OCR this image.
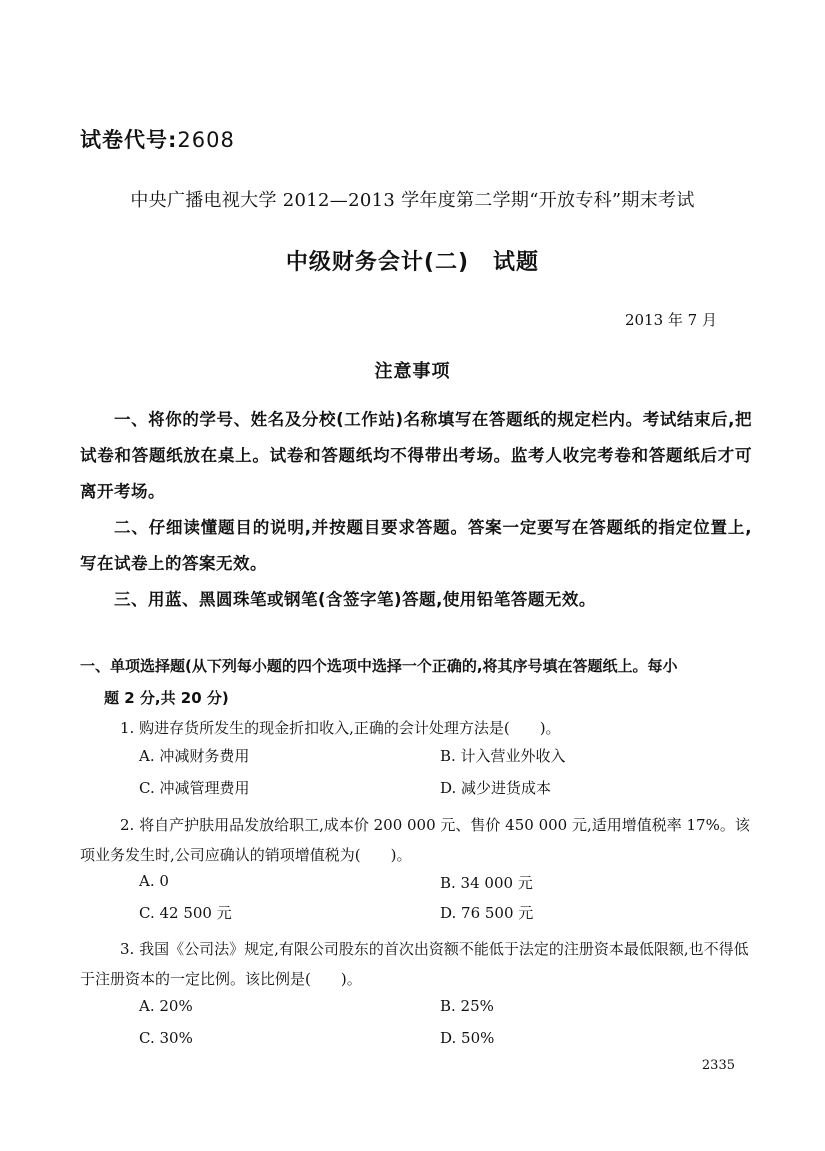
试卷代号:2608
中央广播电视大学 2012—2013 学年度第二学期“开放专科”期末考试
中级财务会计(二) 试题
2013 年 7 月
注意事项
一、将你的学号、姓名及分校(工作站)名称填写在答题纸的规定栏内。考试结束后,把试卷和答题纸放在桌上。试卷和答题纸均不得带出考场。监考人收完考卷和答题纸后才可离开考场。
二、仔细读懂题目的说明,并按题目要求答题。答案一定要写在答题纸的指定位置上,写在试卷上的答案无效。
三、用蓝、黑圆珠笔或钢笔(含签字笔)答题,使用铅笔答题无效。
一、单项选择题(从下列每小题的四个选项中选择一个正确的,将其序号填在答题纸上。每小
题 2 分,共 20 分)
1. 购进存货所发生的现金折扣收入,正确的会计处理方法是(　　)。
A. 冲减财务费用	B. 计入营业外收入
C. 冲减管理费用	D. 减少进货成本
2. 将自产护肤用品发放给职工,成本价 200 000 元、售价 450 000 元,适用增值税率 17%。该项业务发生时,公司应确认的销项增值税为(　　)。
A. 0	B. 34 000 元
C. 42 500 元	D. 76 500 元
3. 我国《公司法》规定,有限公司股东的首次出资额不能低于法定的注册资本最低限额,也不得低于注册资本的一定比例。该比例是(　　)。
A. 20%	B. 25%
C. 30%	D. 50%
2335
